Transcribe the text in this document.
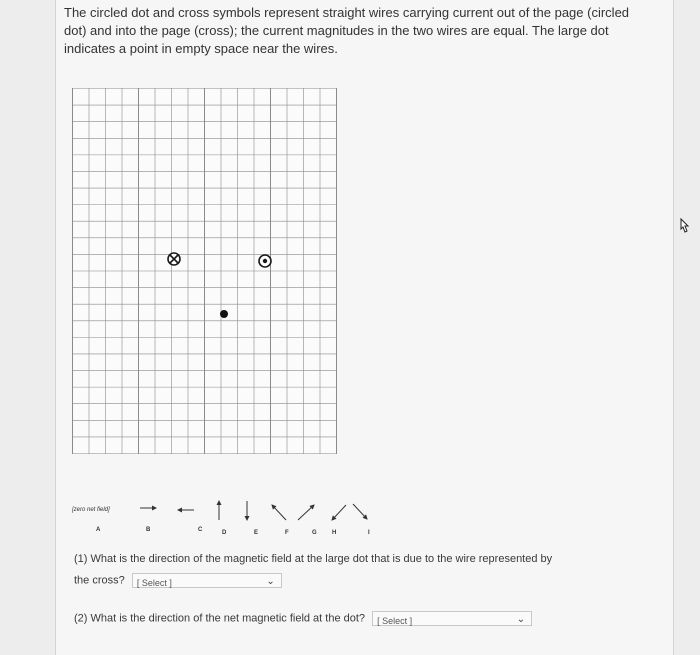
The circled dot and cross symbols represent straight wires carrying current out of the page (circled dot) and into the page (cross); the current magnitudes in the two wires are equal. The large dot indicates a point in empty space near the wires.
[zero net field]
A	B	C	D	E	F	G	H	I
(1) What is the direction of the magnetic field at the large dot that is due to the wire represented by
the cross? [ Select ]	⌄
(2) What is the direction of the net magnetic field at the dot? [ Select ]	⌄
